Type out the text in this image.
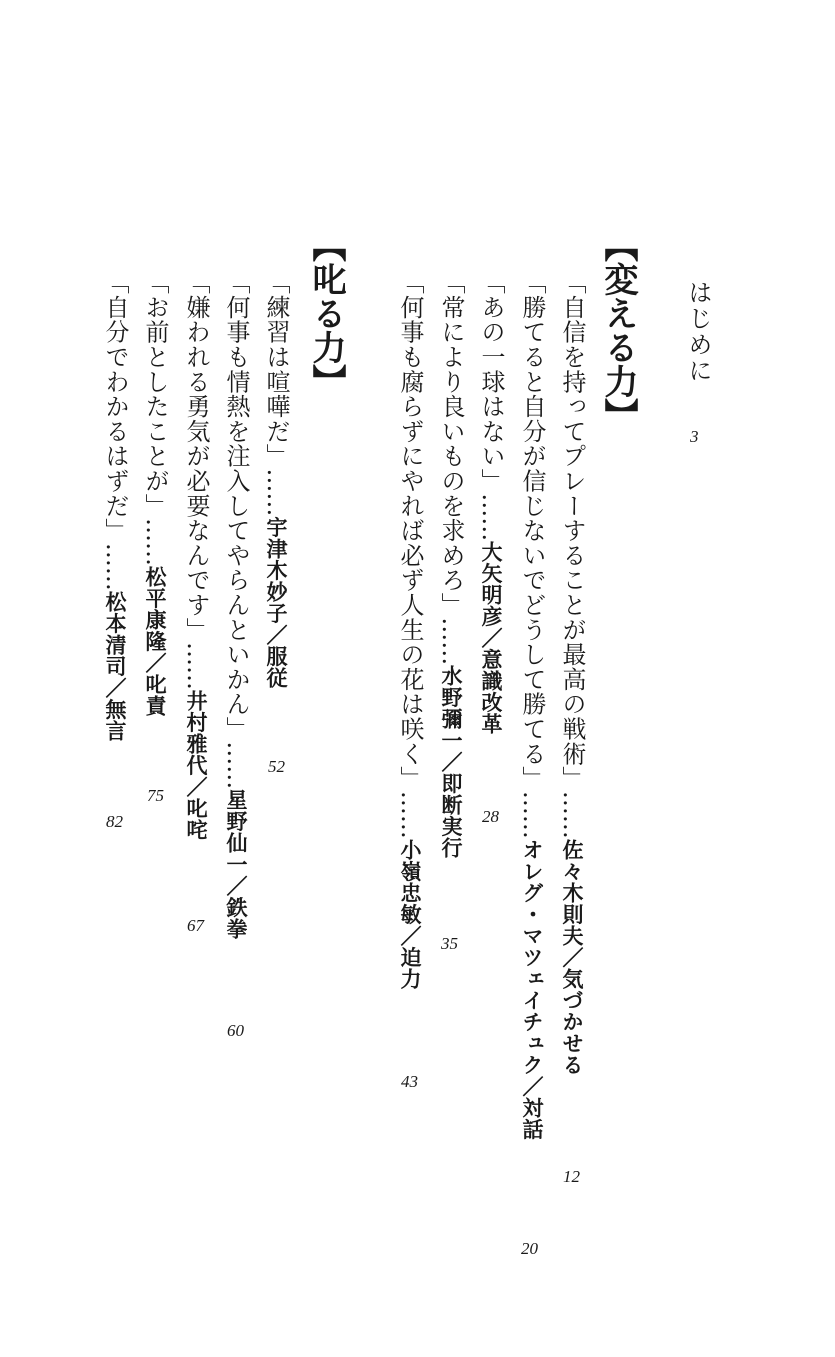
はじめに
3
【変える力】
「自信を持ってプレーすることが最高の戦術」……佐々木則夫／気づかせる
12
「勝てると自分が信じないでどうして勝てる」……オレグ・マツェイチュク／対話
20
「あの一球はない」……大矢明彦／意識改革
28
「常により良いものを求めろ」……水野彌一／即断実行
35
「何事も腐らずにやれば必ず人生の花は咲く」……小嶺忠敏／迫力
43
【叱る力】
「練習は喧嘩だ」……宇津木妙子／服従
52
「何事も情熱を注入してやらんといかん」……星野仙一／鉄拳
60
「嫌われる勇気が必要なんです」……井村雅代／叱咤
67
「お前としたことが」……松平康隆／叱責
75
「自分でわかるはずだ」……松本清司／無言
82
